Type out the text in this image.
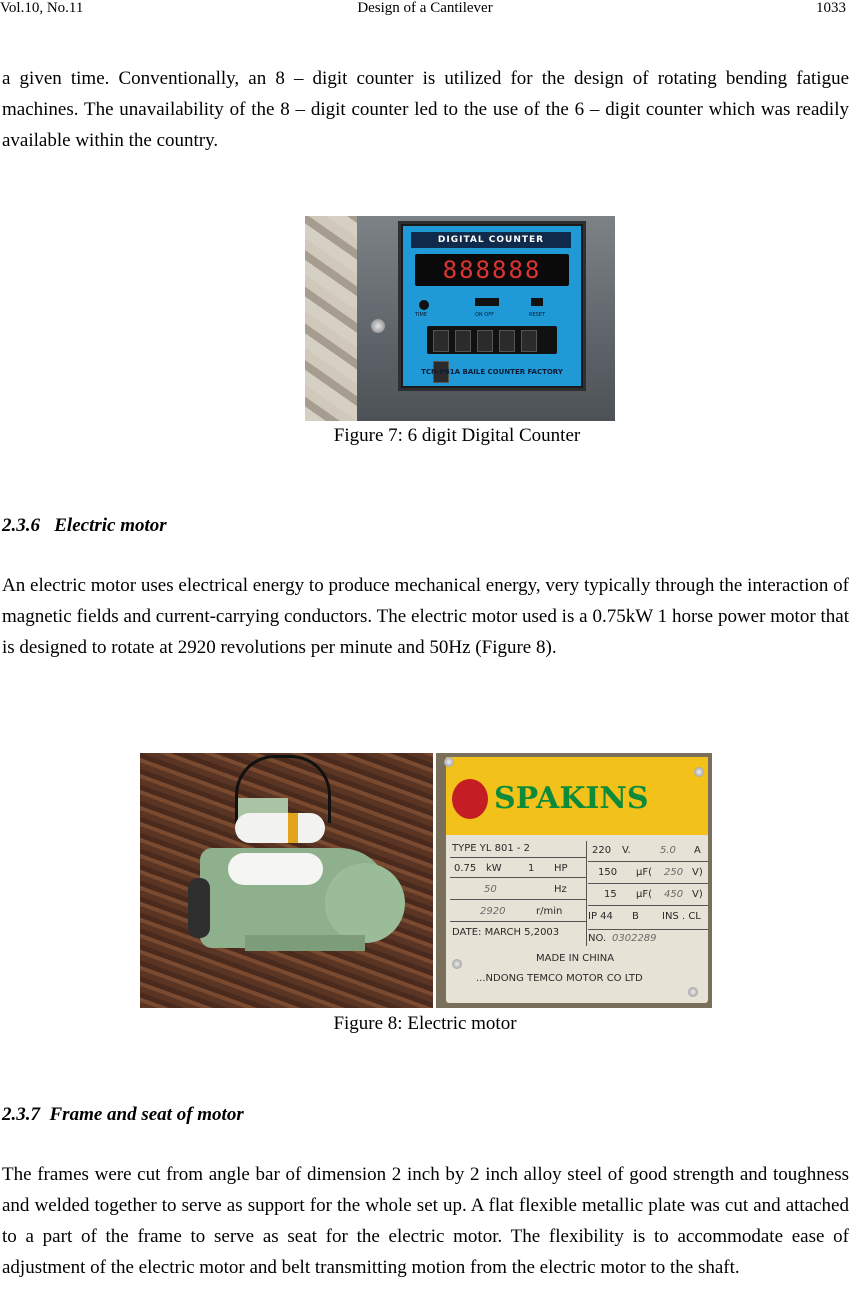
Vol.10, No.11	Design of a Cantilever	1033
a given time. Conventionally, an 8 – digit counter is utilized for the design of rotating bending fatigue machines. The unavailability of the 8 – digit counter led to the use of the 6 – digit counter which was readily available within the country.
DIGITAL COUNTER
888888
TIME	ON OFF	RESET
TCN-P61A BAILE COUNTER FACTORY
Figure 7: 6 digit Digital Counter
2.3.6   Electric motor
An electric motor uses electrical energy to produce mechanical energy, very typically through the interaction of magnetic fields and current-carrying conductors. The electric motor used is a 0.75kW 1 horse power motor that is designed to rotate at 2920 revolutions per minute and 50Hz (Figure 8).
SPAKINS
TYPE YL 801 - 2
0.75 kW	1 HP
50	Hz
2920	r/min
DATE: MARCH 5,2003
220 V.	5.0 A
150 μF( 250 V)
15 μF( 450 V)
IP 44 B INS . CL
NO. 0302289
MADE IN CHINA
...NDONG TEMCO MOTOR CO LTD
Figure 8: Electric motor
2.3.7  Frame and seat of motor
The frames were cut from angle bar of dimension 2 inch by 2 inch alloy steel of good strength and toughness and welded together to serve as support for the whole set up. A flat flexible metallic plate was cut and attached to a part of the frame to serve as seat for the electric motor. The flexibility is to accommodate ease of adjustment of the electric motor and belt transmitting motion from the electric motor to the shaft.
